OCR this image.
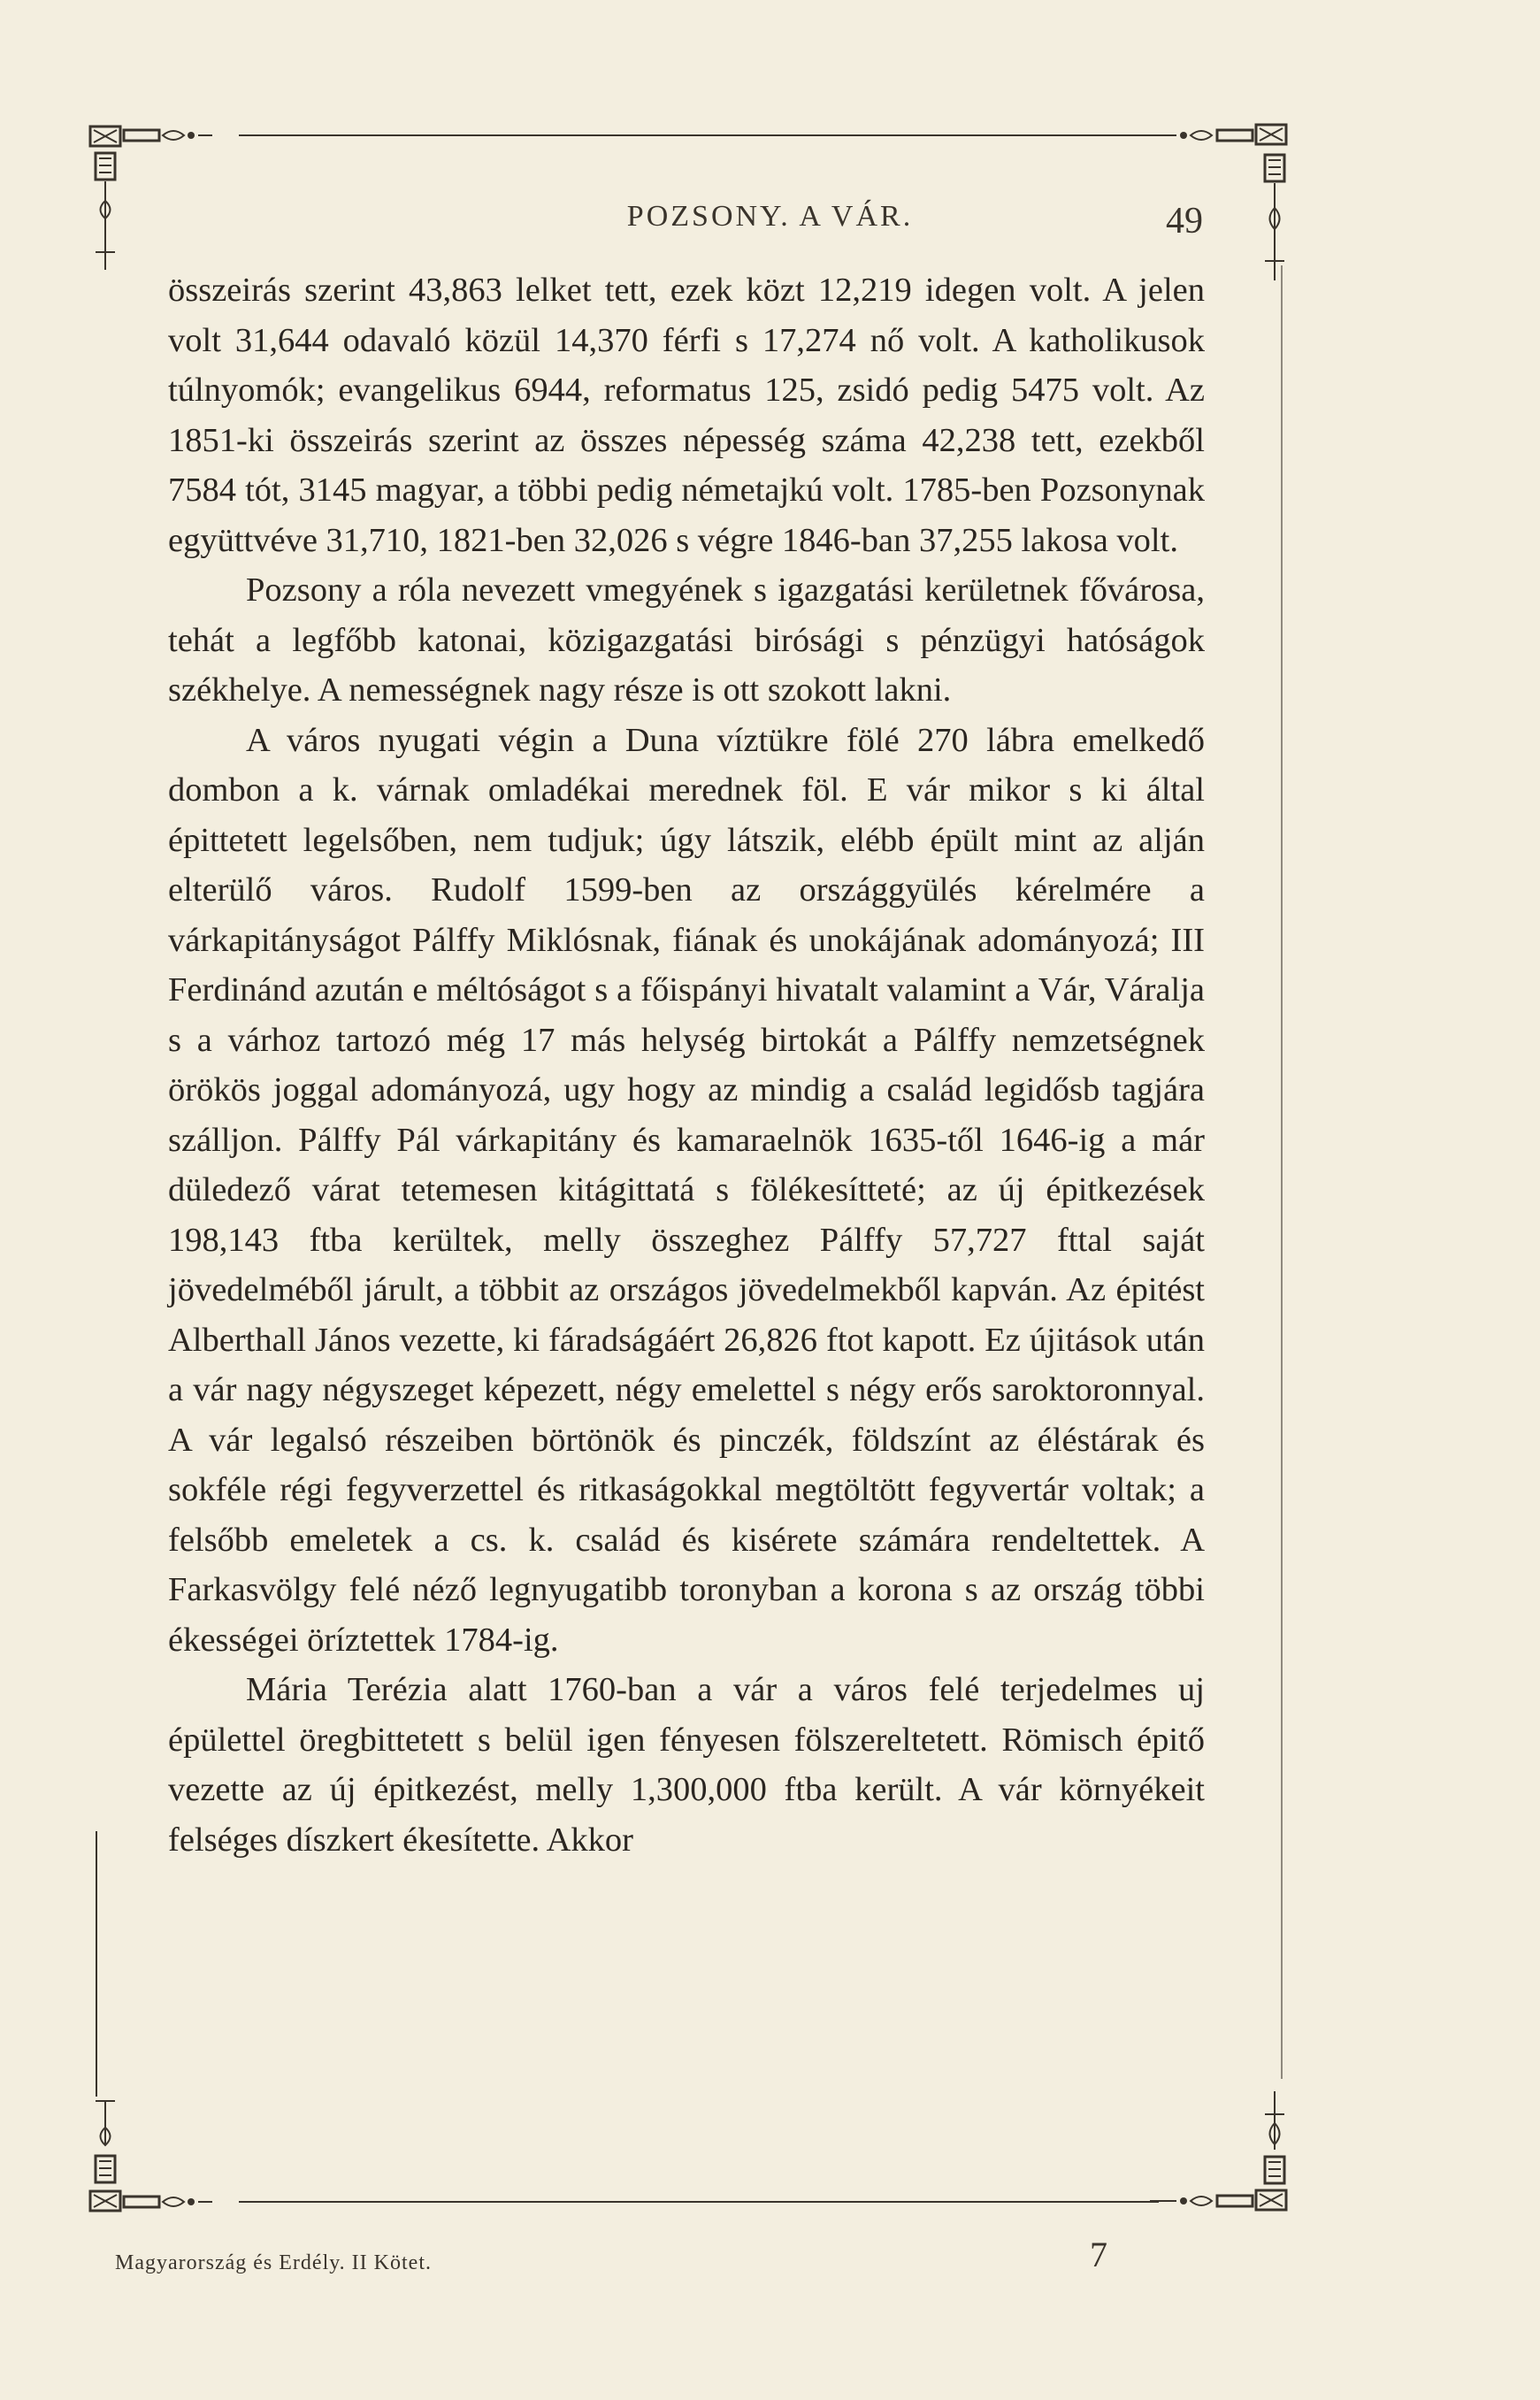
POZSONY. A VÁR.	49

összeirás szerint 43,863 lelket tett, ezek közt 12,219 idegen volt. A jelen volt 31,644 odavaló közül 14,370 férfi s 17,274 nő volt. A katholikusok túlnyomók; evangelikus 6944, reformatus 125, zsidó pedig 5475 volt. Az 1851-ki összeirás szerint az összes népesség száma 42,238 tett, ezekből 7584 tót, 3145 magyar, a többi pedig németajkú volt. 1785-ben Pozsonynak együttvéve 31,710, 1821-ben 32,026 s végre 1846-ban 37,255 lakosa volt.

Pozsony a róla nevezett vmegyének s igazgatási kerületnek fővárosa, tehát a legfőbb katonai, közigazgatási birósági s pénzügyi hatóságok székhelye. A nemességnek nagy része is ott szokott lakni.

A város nyugati végin a Duna víztükre fölé 270 lábra emelkedő dombon a k. várnak omladékai merednek föl. E vár mikor s ki által épittetett legelsőben, nem tudjuk; úgy látszik, elébb épült mint az alján elterülő város. Rudolf 1599-ben az országgyülés kérelmére a várkapitányságot Pálffy Miklósnak, fiának és unokájának adományozá; III Ferdinánd azután e méltóságot s a főispányi hivatalt valamint a Vár, Váralja s a várhoz tartozó még 17 más helység birtokát a Pálffy nemzetségnek örökös joggal adományozá, ugy hogy az mindig a család legidősb tagjára szálljon. Pálffy Pál várkapitány és kamaraelnök 1635-től 1646-ig a már düledező várat tetemesen kitágittatá s fölékesítteté; az új épitkezések 198,143 ftba kerültek, melly összeghez Pálffy 57,727 fttal saját jövedelméből járult, a többit az országos jövedelmekből kapván. Az épitést Alberthall János vezette, ki fáradságáért 26,826 ftot kapott. Ez újitások után a vár nagy négyszeget képezett, négy emelettel s négy erős saroktoronnyal. A vár legalsó részeiben börtönök és pinczék, földszínt az éléstárak és sokféle régi fegyverzettel és ritkaságokkal megtöltött fegyvertár voltak; a felsőbb emeletek a cs. k. család és kisérete számára rendeltettek. A Farkasvölgy felé néző legnyugatibb toronyban a korona s az ország többi ékességei öríztettek 1784-ig.

Mária Terézia alatt 1760-ban a vár a város felé terjedelmes uj épülettel öregbittetett s belül igen fényesen fölszereltetett. Römisch épitő vezette az új épitkezést, melly 1,300,000 ftba került. A vár környékeit felséges díszkert ékesítette. Akkor

Magyarország és Erdély. II Kötet.	7
